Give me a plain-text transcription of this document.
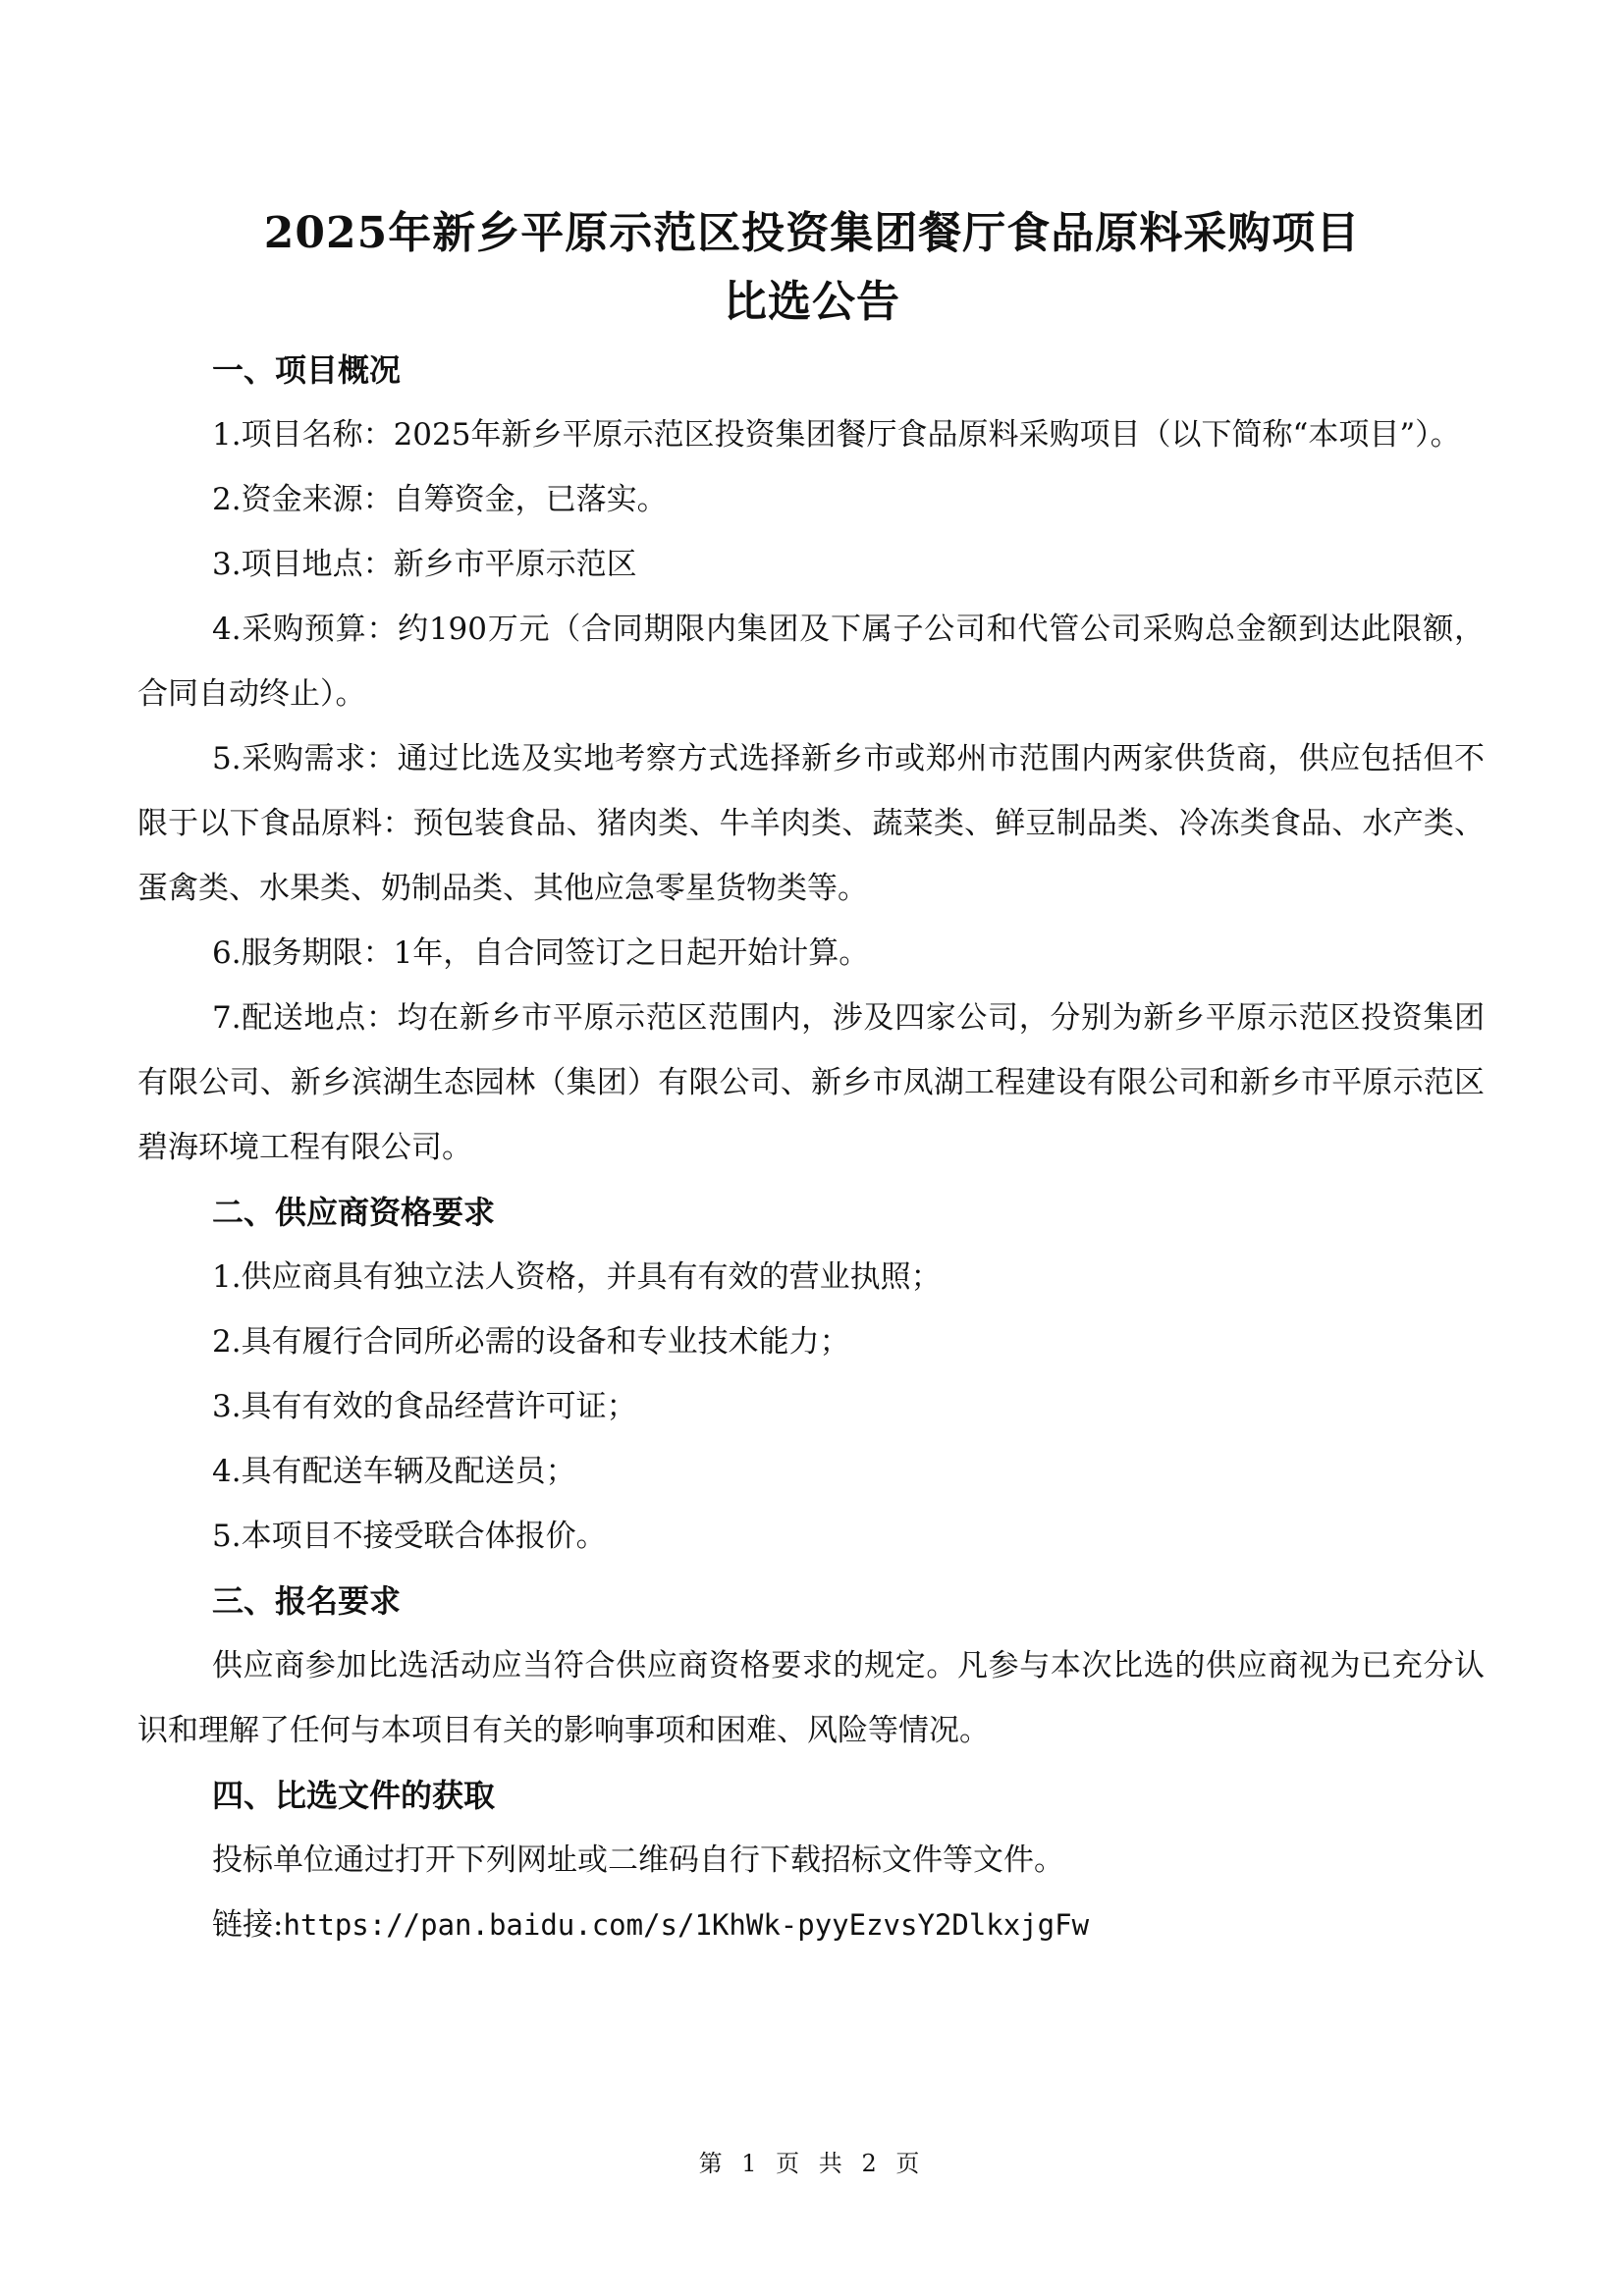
2025年新乡平原示范区投资集团餐厅食品原料采购项目
比选公告
一、项目概况

1.项目名称：2025年新乡平原示范区投资集团餐厅食品原料采购项目（以下简称“本项目”）。

2.资金来源：自筹资金，已落实。

3.项目地点：新乡市平原示范区

4.采购预算：约190万元（合同期限内集团及下属子公司和代管公司采购总金额到达此限额，合同自动终止）。

5.采购需求：通过比选及实地考察方式选择新乡市或郑州市范围内两家供货商，供应包括但不限于以下食品原料：预包装食品、猪肉类、牛羊肉类、蔬菜类、鲜豆制品类、冷冻类食品、水产类、蛋禽类、水果类、奶制品类、其他应急零星货物类等。

6.服务期限：1年，自合同签订之日起开始计算。

7.配送地点：均在新乡市平原示范区范围内，涉及四家公司，分别为新乡平原示范区投资集团有限公司、新乡滨湖生态园林（集团）有限公司、新乡市凤湖工程建设有限公司和新乡市平原示范区碧海环境工程有限公司。

二、供应商资格要求

1.供应商具有独立法人资格，并具有有效的营业执照；

2.具有履行合同所必需的设备和专业技术能力；

3.具有有效的食品经营许可证；

4.具有配送车辆及配送员；

5.本项目不接受联合体报价。

三、报名要求

供应商参加比选活动应当符合供应商资格要求的规定。凡参与本次比选的供应商视为已充分认识和理解了任何与本项目有关的影响事项和困难、风险等情况。

四、比选文件的获取

投标单位通过打开下列网址或二维码自行下载招标文件等文件。

链接:https://pan.baidu.com/s/1KhWk-pyyEzvsY2DlkxjgFw

第 1 页 共 2 页
